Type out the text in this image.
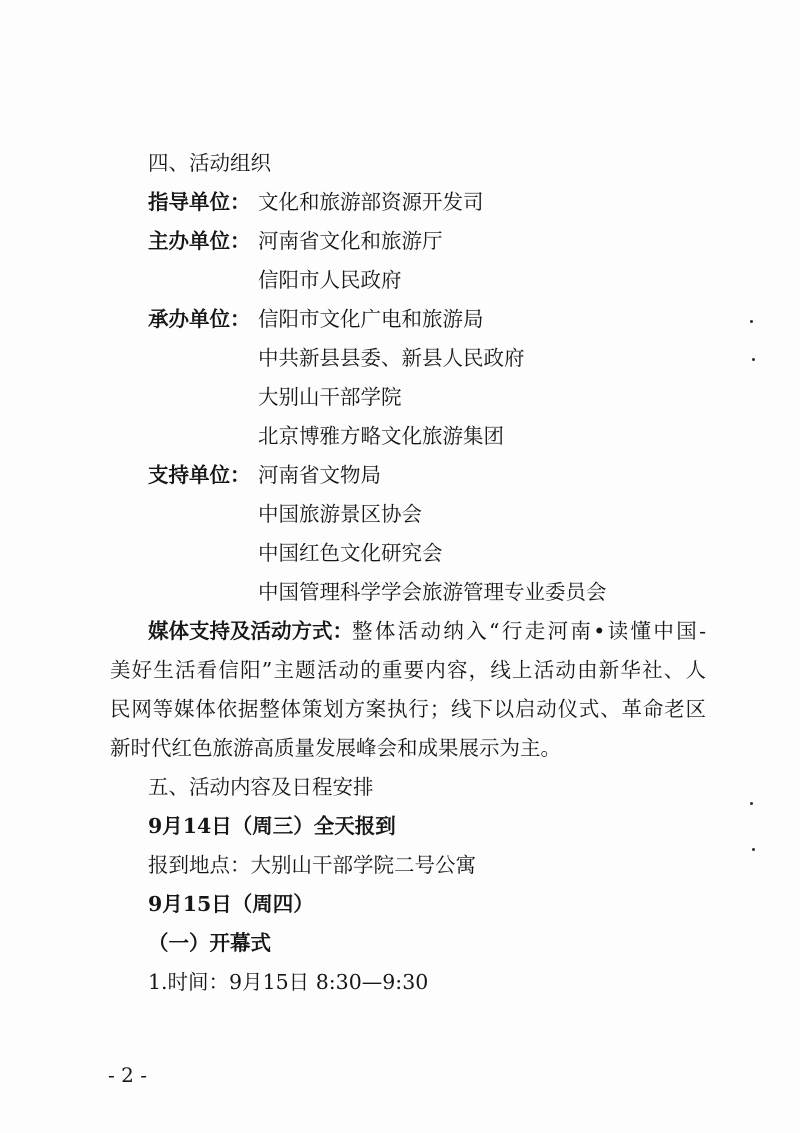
四、活动组织
指导单位： 文化和旅游部资源开发司
主办单位： 河南省文化和旅游厅
信阳市人民政府
承办单位： 信阳市文化广电和旅游局
中共新县县委、新县人民政府
大别山干部学院
北京博雅方略文化旅游集团
支持单位： 河南省文物局
中国旅游景区协会
中国红色文化研究会
中国管理科学学会旅游管理专业委员会
媒体支持及活动方式： 整体活动纳入“行走河南•读懂中国-
美好生活看信阳”主题活动的重要内容，线上活动由新华社、人
民网等媒体依据整体策划方案执行；线下以启动仪式、革命老区
新时代红色旅游高质量发展峰会和成果展示为主。
五、活动内容及日程安排
9月14日（周三）全天报到
报到地点：大别山干部学院二号公寓
9月15日（周四）
（一）开幕式
1.时间：9月15日 8:30—9:30
- 2 -
